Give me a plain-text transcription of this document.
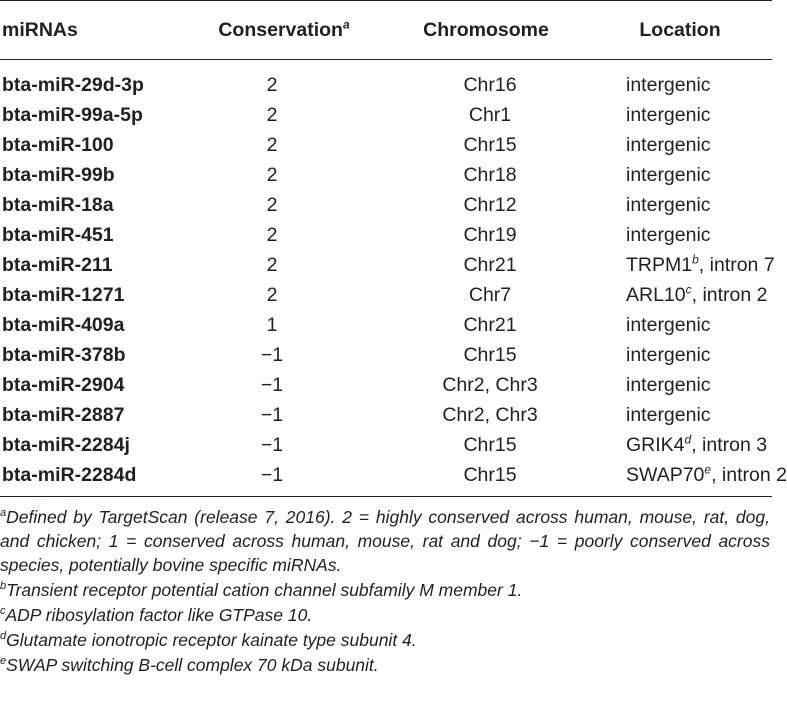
miRNAs	Conservation$^a$	Chromosome	Location
bta-miR-29d-3p	2	Chr16	intergenic
bta-miR-99a-5p	2	Chr1	intergenic
bta-miR-100	2	Chr15	intergenic
bta-miR-99b	2	Chr18	intergenic
bta-miR-18a	2	Chr12	intergenic
bta-miR-451	2	Chr19	intergenic
bta-miR-211	2	Chr21	TRPM1$^b$, intron 7
bta-miR-1271	2	Chr7	ARL10$^c$, intron 2
bta-miR-409a	1	Chr21	intergenic
bta-miR-378b	−1	Chr15	intergenic
bta-miR-2904	−1	Chr2, Chr3	intergenic
bta-miR-2887	−1	Chr2, Chr3	intergenic
bta-miR-2284j	−1	Chr15	GRIK4$^d$, intron 3
bta-miR-2284d	−1	Chr15	SWAP70e, intron 2

$^a$Defined by TargetScan (release 7, 2016). 2 = highly conserved across human, mouse, rat, dog, and chicken; 1 = conserved across human, mouse, rat and dog; −1 = poorly conserved across species, potentially bovine specific miRNAs.

$^b$Transient receptor potential cation channel subfamily M member 1.

$^c$ADP ribosylation factor like GTPase 10.

$^d$Glutamate ionotropic receptor kainate type subunit 4.

$^e$SWAP switching B-cell complex 70 kDa subunit.
